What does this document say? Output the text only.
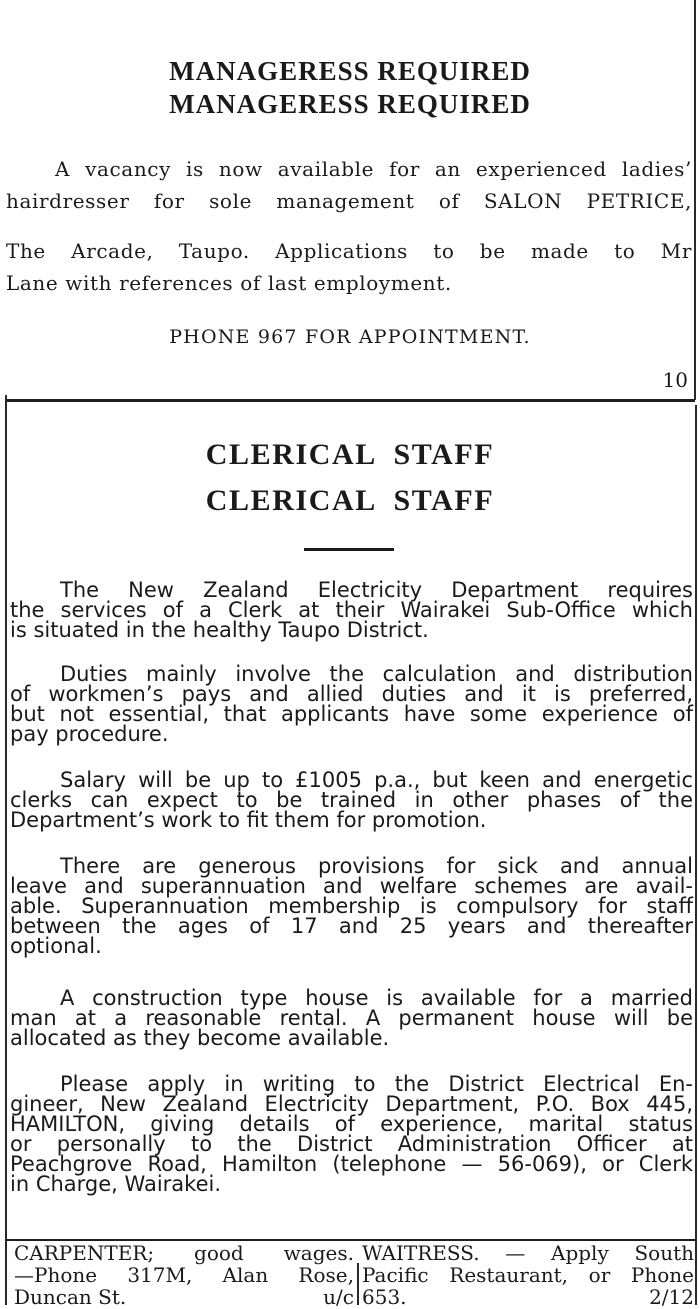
MANAGERESS REQUIRED
MANAGERESS REQUIRED
A vacancy is now available for an experienced ladies’
hairdresser for sole management of SALON PETRICE,
The Arcade, Taupo. Applications to be made to Mr
Lane with references of last employment.
PHONE 967 FOR APPOINTMENT.
10
CLERICAL  STAFF
CLERICAL  STAFF
The New Zealand Electricity Department requires
the services of a Clerk at their Wairakei Sub-Office which
is situated in the healthy Taupo District.
Duties mainly involve the calculation and distribution
of workmen’s pays and allied duties and it is preferred,
but not essential, that applicants have some experience of
pay procedure.
Salary will be up to £1005 p.a., but keen and energetic
clerks can expect to be trained in other phases of the
Department’s work to fit them for promotion.
There are generous provisions for sick and annual
leave and superannuation and welfare schemes are avail-
able. Superannuation membership is compulsory for staff
between the ages of 17 and 25 years and thereafter
optional.
A construction type house is available for a married
man at a reasonable rental. A permanent house will be
allocated as they become available.
Please apply in writing to the District Electrical En-
gineer, New Zealand Electricity Department, P.O. Box 445,
HAMILTON, giving details of experience, marital status
or personally to the District Administration Officer at
Peachgrove Road, Hamilton (telephone — 56-069), or Clerk
in Charge, Wairakei.
CARPENTER; good wages.
—Phone 317M, Alan Rose,
Duncan St.	u/c
WAITRESS. — Apply South
Pacific Restaurant, or Phone
653.	2/12
